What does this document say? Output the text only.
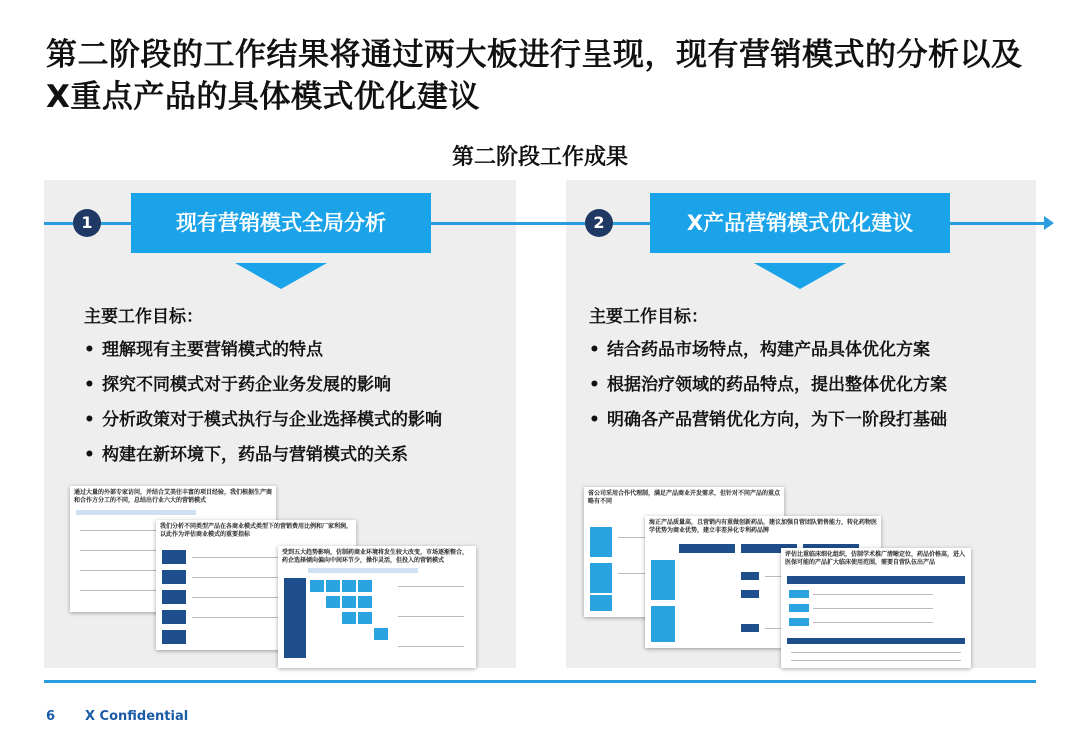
第二阶段的工作结果将通过两大板进行呈现，现有营销模式的分析以及X重点产品的具体模式优化建议
第二阶段工作成果
1	现有营销模式全局分析
主要工作目标：
• 理解现有主要营销模式的特点
• 探究不同模式对于药企业务发展的影响
• 分析政策对于模式执行与企业选择模式的影响
• 构建在新环境下，药品与营销模式的关系
通过大量的外部专家访问，并结合艾美往丰富的项目经验，我们根据生产商和合作方分工的不同，总结出行业六大的营销模式
我们分析不同类型产品在各商业模式类型下的营销费用比例和厂家利润，以此作为评估商业模式的重要指标
受到五大趋势影响，仿制药商业环境将发生较大改变，市场逐渐整合，药企选择倾向偏向中间环节少，操作灵活，但投入的营销模式
2	X产品营销模式优化建议
主要工作目标：
• 结合药品市场特点，构建产品具体优化方案
• 根据治疗领域的药品特点，提出整体优化方案
• 明确各产品营销优化方向，为下一阶段打基础
省公司采用合作代理制，满足产品商业开发需求，但针对不同产品的重点略有不同
海正产品质量高，且营销内有重做创新药品，建议加强自营团队销售能力，转化药物医学优势为商业优势，建立非差异化专利药品牌
评估比重临床细化组织，仿制学术推广清晰定位，药品价格高，进入医保可能的产品扩大临床使用范围，需要自营队伍出产品
6 X Confidential
